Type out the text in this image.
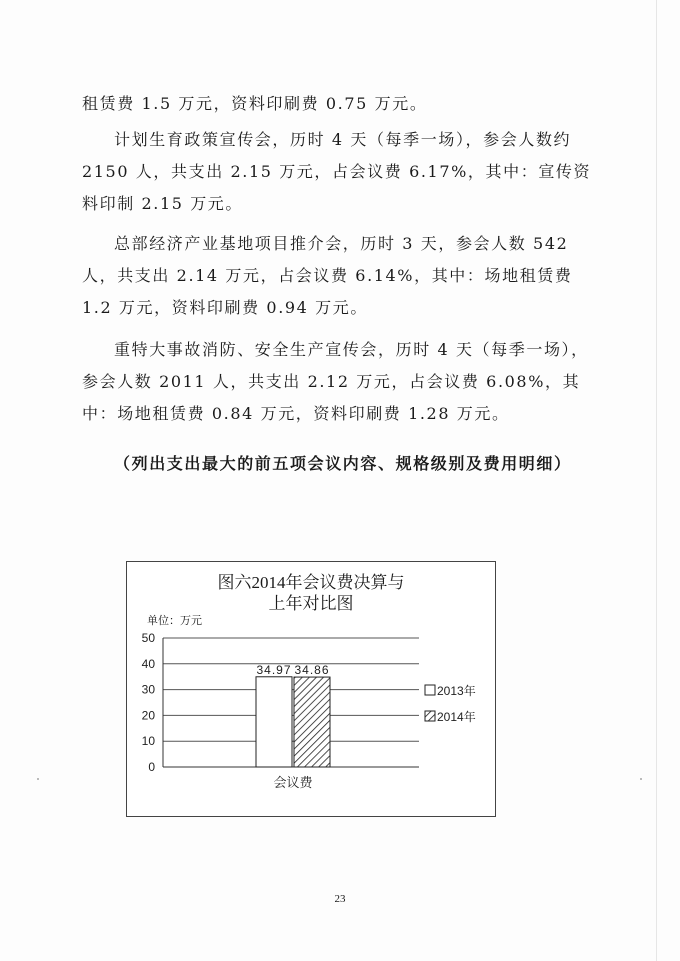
租赁费 1.5 万元，资料印刷费 0.75 万元。

计划生育政策宣传会，历时 4 天（每季一场），参会人数约 2150 人，共支出 2.15 万元，占会议费 6.17%，其中：宣传资料印制 2.15 万元。

总部经济产业基地项目推介会，历时 3 天，参会人数 542 人，共支出 2.14 万元，占会议费 6.14%，其中：场地租赁费 1.2 万元，资料印刷费 0.94 万元。

重特大事故消防、安全生产宣传会，历时 4 天（每季一场），参会人数 2011 人，共支出 2.12 万元，占会议费 6.08%，其中：场地租赁费 0.84 万元，资料印刷费 1.28 万元。

（列出支出最大的前五项会议内容、规格级别及费用明细）

图六2014年会议费决算与上年对比图
单位：万元
0
10
20
30
40
50
34.97 34.86
会议费
2013年
2014年
23
